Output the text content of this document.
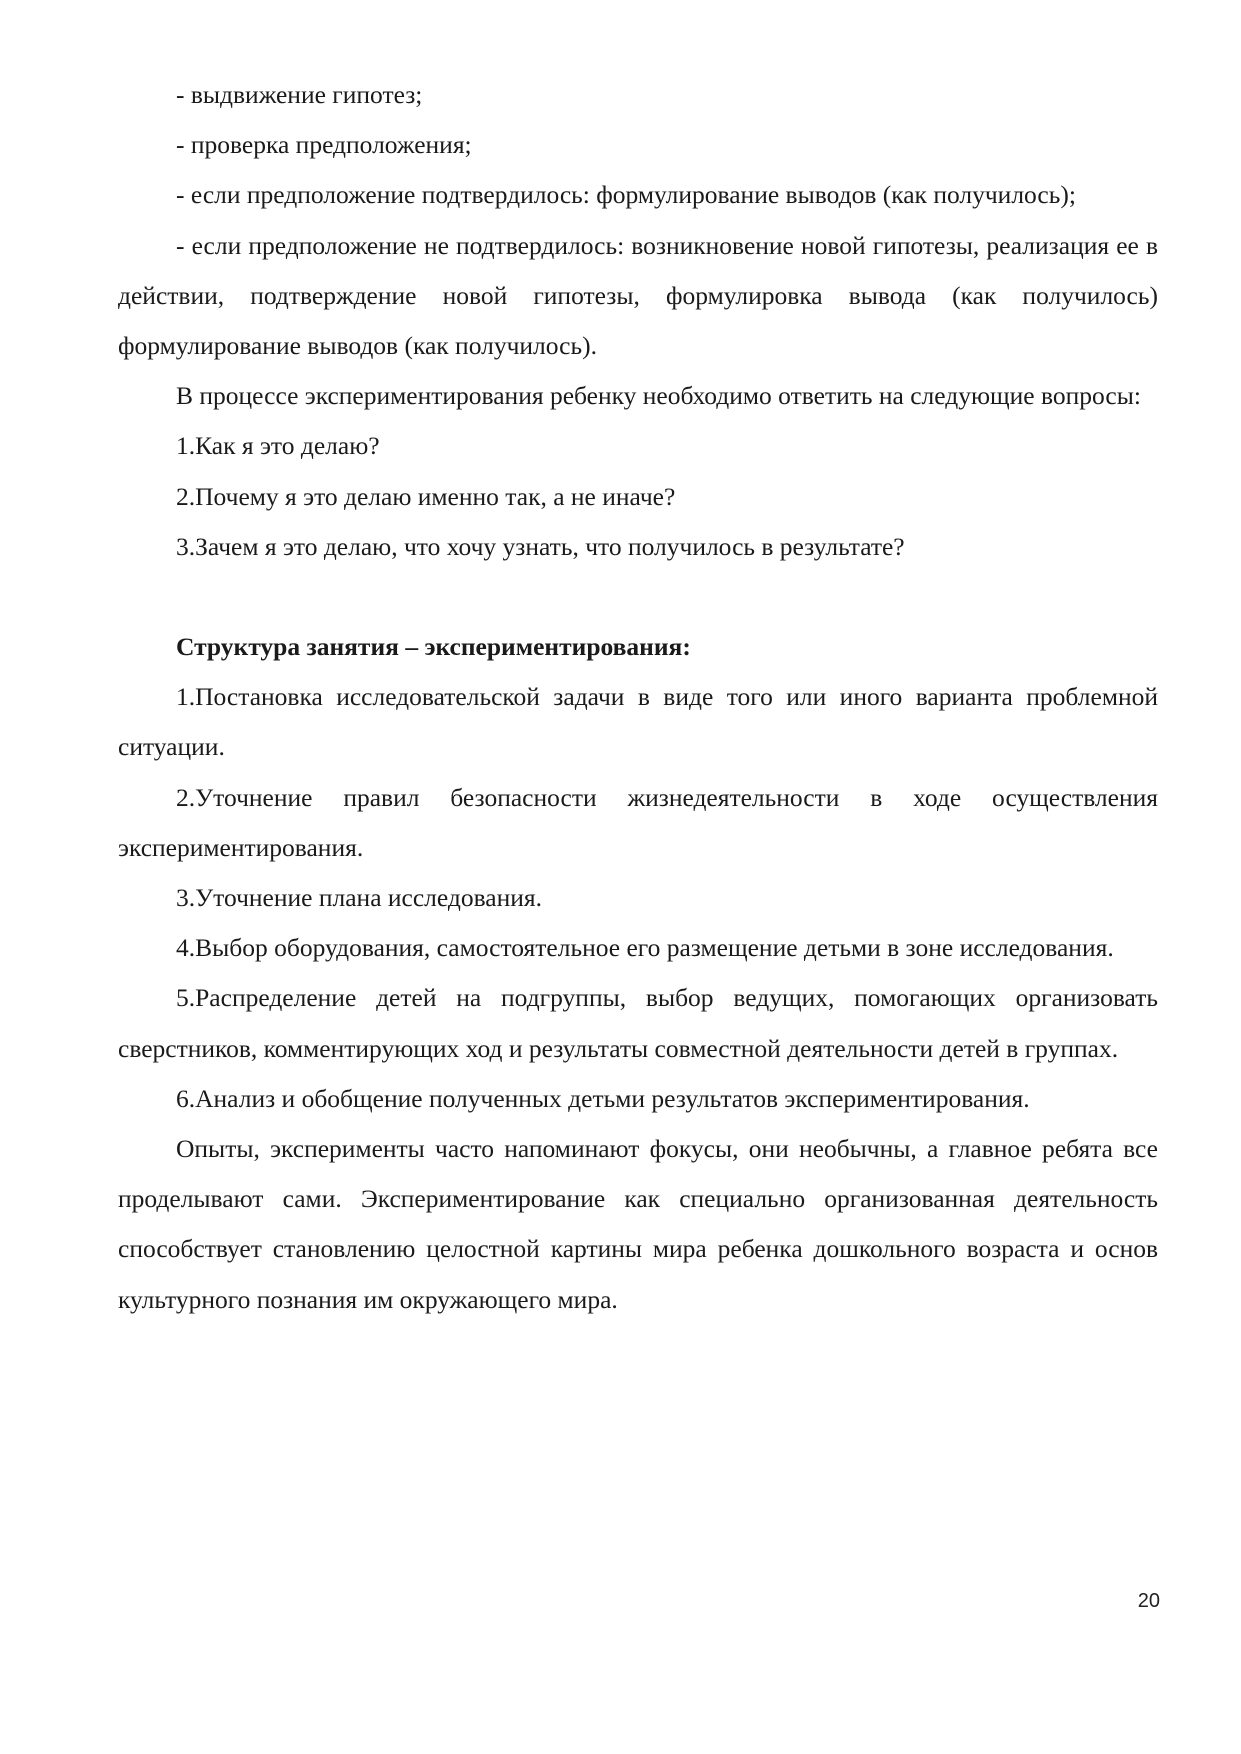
- выдвижение гипотез;

- проверка предположения;

- если предположение подтвердилось: формулирование выводов (как получилось);

- если предположение не подтвердилось: возникновение новой гипотезы, реализация ее в действии, подтверждение новой гипотезы, формулировка вывода (как получилось) формулирование выводов (как получилось).

В процессе экспериментирования ребенку необходимо ответить на следующие вопросы:

1.Как я это делаю?

2.Почему я это делаю именно так, а не иначе?

3.Зачем я это делаю, что хочу узнать, что получилось в результате?

Структура занятия – экспериментирования:

1.Постановка исследовательской задачи в виде того или иного варианта проблемной ситуации.

2.Уточнение правил безопасности жизнедеятельности в ходе осуществления экспериментирования.

3.Уточнение плана исследования.

4.Выбор оборудования, самостоятельное его размещение детьми в зоне исследования.

5.Распределение детей на подгруппы, выбор ведущих, помогающих организовать сверстников, комментирующих ход и результаты совместной деятельности детей в группах.

6.Анализ и обобщение полученных детьми результатов экспериментирования.

Опыты, эксперименты часто напоминают фокусы, они необычны, а главное ребята все проделывают сами. Экспериментирование как специально организованная деятельность способствует становлению целостной картины мира ребенка дошкольного возраста и основ культурного познания им окружающего мира.

20
